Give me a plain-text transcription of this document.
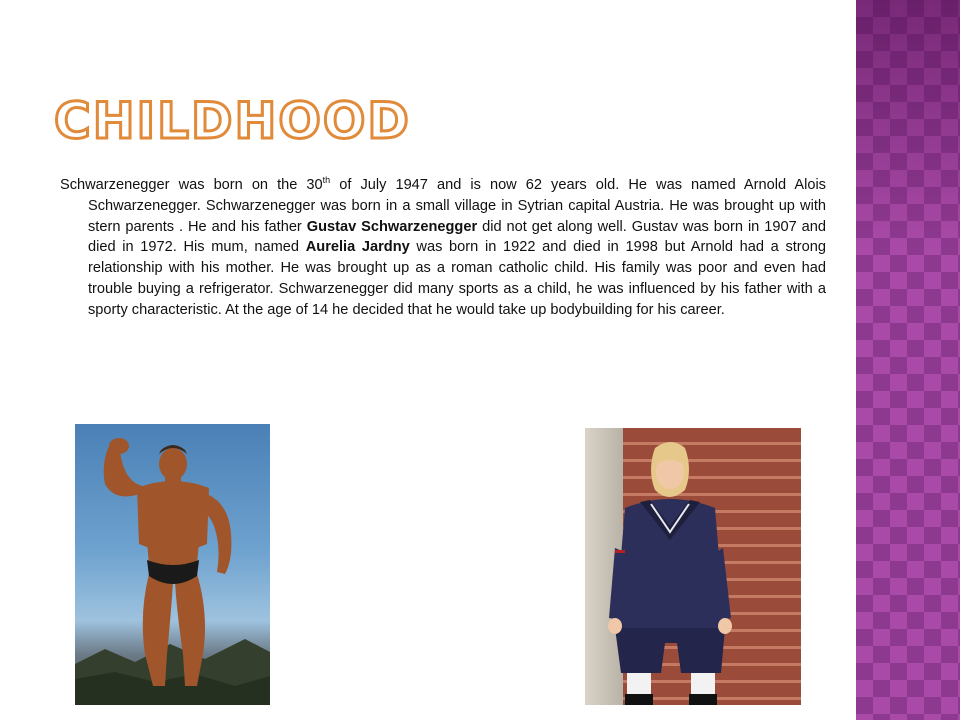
CHILDHOOD

Schwarzenegger was born on the 30th of July 1947 and is now 62 years old. He was named Arnold Alois Schwarzenegger. Schwarzenegger was born in a small village in Sytrian capital Austria. He was brought up with stern parents . He and his father Gustav Schwarzenegger did not get along well. Gustav was born in 1907 and died in 1972. His mum, named Aurelia Jardny was born in 1922 and died in 1998 but Arnold had a strong relationship with his mother. He was brought up as a roman catholic child. His family was poor and even had trouble buying a refrigerator. Schwarzenegger did many sports as a child, he was influenced by his father with a sporty characteristic. At the age of 14 he decided that he would take up bodybuilding for his career.
